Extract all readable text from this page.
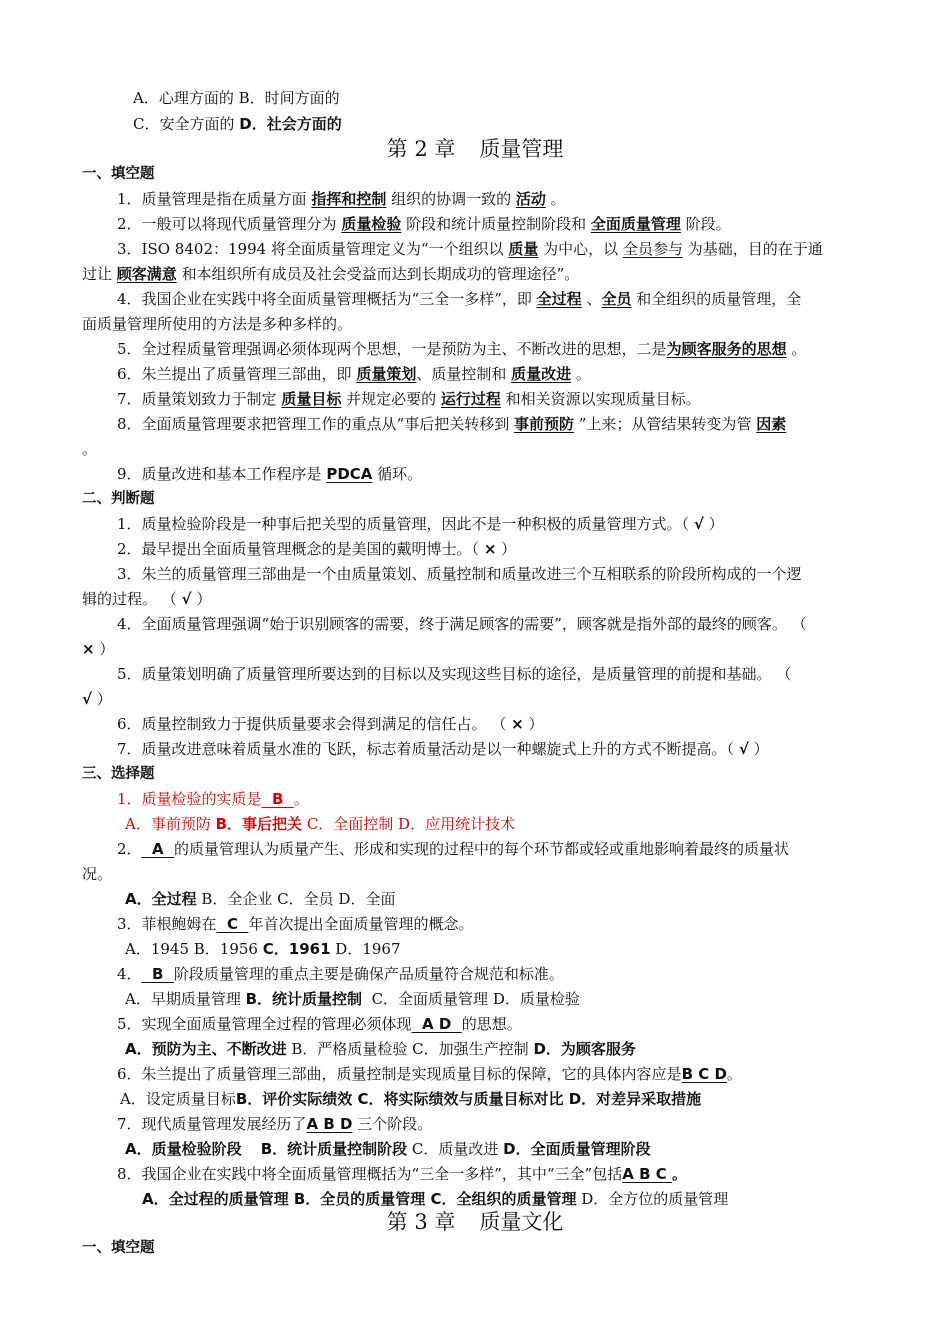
A．心理方面的 B．时间方面的
C．安全方面的 D．社会方面的
第 2 章 质量管理
一、填空题
1．质量管理是指在质量方面 指挥和控制 组织的协调一致的 活动 。
2．一般可以将现代质量管理分为 质量检验 阶段和统计质量控制阶段和 全面质量管理 阶段。
3．ISO 8402：1994 将全面质量管理定义为“一个组织以 质量 为中心，以 全员参与 为基础，目的在于通
过让 顾客满意 和本组织所有成员及社会受益而达到长期成功的管理途径”。
4．我国企业在实践中将全面质量管理概括为“三全一多样”，即 全过程 、全员 和全组织的质量管理，全
面质量管理所使用的方法是多种多样的。
5．全过程质量管理强调必须体现两个思想，一是预防为主、不断改进的思想，二是为顾客服务的思想 。
6．朱兰提出了质量管理三部曲，即 质量策划、质量控制和 质量改进 。
7．质量策划致力于制定 质量目标 并规定必要的 运行过程 和相关资源以实现质量目标。
8．全面质量管理要求把管理工作的重点从“事后把关转移到 事前预防 ”上来；从管结果转变为管 因素
。
9．质量改进和基本工作程序是 PDCA 循环。
二、判断题
1．质量检验阶段是一种事后把关型的质量管理，因此不是一种积极的质量管理方式。（ √ ）
2．最早提出全面质量管理概念的是美国的戴明博士。（ × ）
3．朱兰的质量管理三部曲是一个由质量策划、质量控制和质量改进三个互相联系的阶段所构成的一个逻
辑的过程。 （ √ ）
4．全面质量管理强调“始于识别顾客的需要，终于满足顾客的需要”，顾客就是指外部的最终的顾客。 （
× ）
5．质量策划明确了质量管理所要达到的目标以及实现这些目标的途径，是质量管理的前提和基础。 （
√ ）
6．质量控制致力于提供质量要求会得到满足的信任占。 （ × ）
7．质量改进意味着质量水准的飞跃，标志着质量活动是以一种螺旋式上升的方式不断提高。（ √ ）
三、选择题
1．质量检验的实质是  B  。
A．事前预防 B．事后把关 C．全面控制 D．应用统计技术
2．  A  的质量管理认为质量产生、形成和实现的过程中的每个环节都或轻或重地影响着最终的质量状
况。
A．全过程 B．全企业 C．全员 D．全面
3．菲根鲍姆在  C  年首次提出全面质量管理的概念。
A．1945 B．1956 C．1961 D．1967
4．  B  阶段质量管理的重点主要是确保产品质量符合规范和标准。
A．早期质量管理 B．统计质量控制  C．全面质量管理 D．质量检验
5．实现全面质量管理全过程的管理必须体现  A D  的思想。
A．预防为主、不断改进 B．严格质量检验 C．加强生产控制 D．为顾客服务
6．朱兰提出了质量管理三部曲，质量控制是实现质量目标的保障，它的具体内容应是B C D。
A．设定质量目标B．评价实际绩效 C．将实际绩效与质量目标对比 D．对差异采取措施
7．现代质量管理发展经历了A B D 三个阶段。
A．质量检验阶段 B．统计质量控制阶段 C．质量改进 D．全面质量管理阶段
8．我国企业在实践中将全面质量管理概括为“三全一多样”，其中“三全”包括A B C 。
A．全过程的质量管理 B．全员的质量管理 C．全组织的质量管理 D．全方位的质量管理
第 3 章 质量文化
一、填空题
